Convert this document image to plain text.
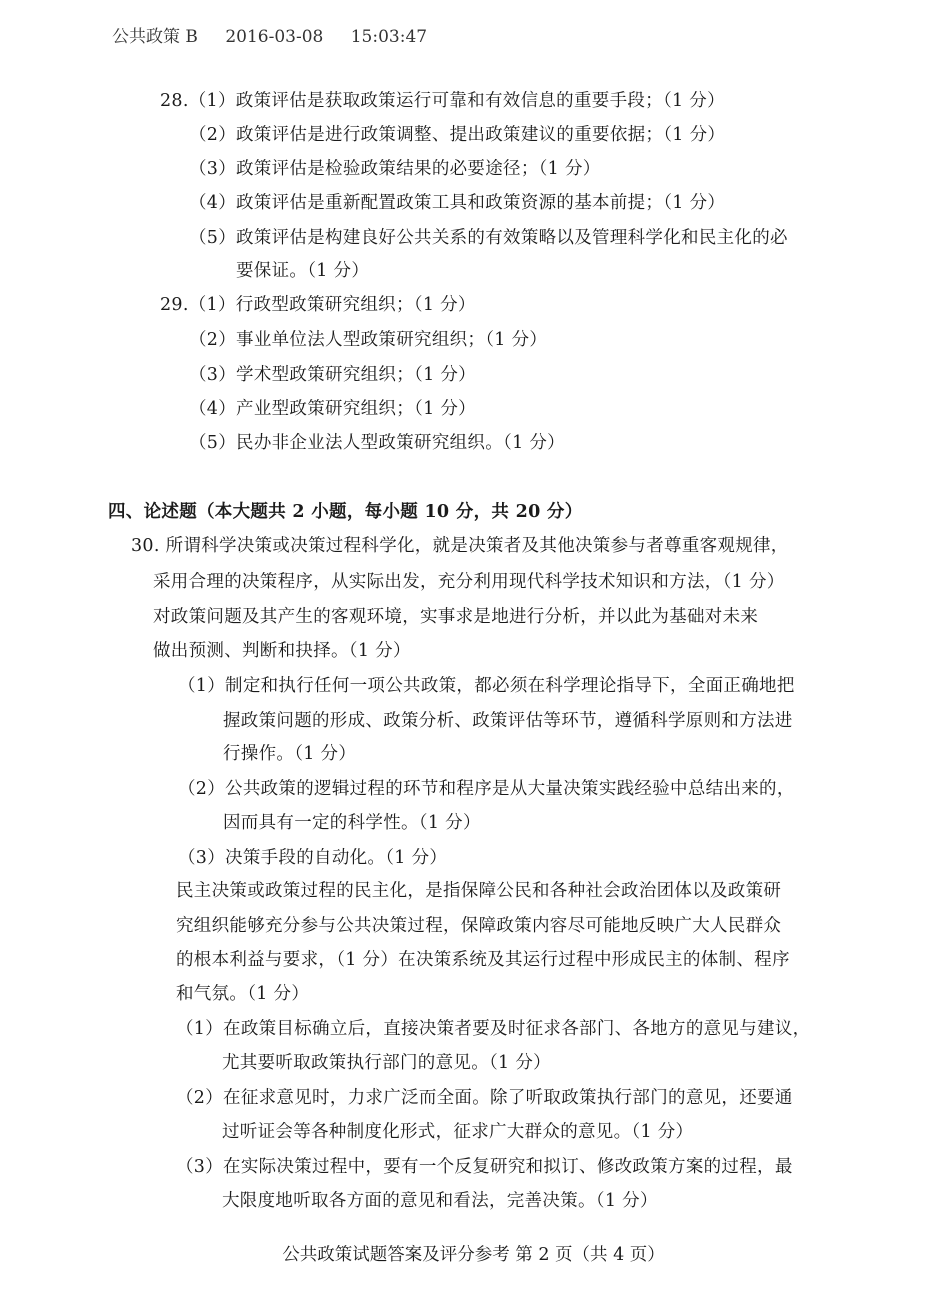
公共政策 B 2016-03-08 15:03:47
28.（1）政策评估是获取政策运行可靠和有效信息的重要手段；（1 分）
（2）政策评估是进行政策调整、提出政策建议的重要依据；（1 分）
（3）政策评估是检验政策结果的必要途径；（1 分）
（4）政策评估是重新配置政策工具和政策资源的基本前提；（1 分）
（5）政策评估是构建良好公共关系的有效策略以及管理科学化和民主化的必
要保证。（1 分）
29.（1）行政型政策研究组织；（1 分）
（2）事业单位法人型政策研究组织；（1 分）
（3）学术型政策研究组织；（1 分）
（4）产业型政策研究组织；（1 分）
（5）民办非企业法人型政策研究组织。（1 分）
四、论述题（本大题共 2 小题，每小题 10 分，共 20 分）
30. 所谓科学决策或决策过程科学化，就是决策者及其他决策参与者尊重客观规律，
采用合理的决策程序，从实际出发，充分利用现代科学技术知识和方法，（1 分）
对政策问题及其产生的客观环境，实事求是地进行分析，并以此为基础对未来
做出预测、判断和抉择。（1 分）
（1）制定和执行任何一项公共政策，都必须在科学理论指导下，全面正确地把
握政策问题的形成、政策分析、政策评估等环节，遵循科学原则和方法进
行操作。（1 分）
（2）公共政策的逻辑过程的环节和程序是从大量决策实践经验中总结出来的，
因而具有一定的科学性。（1 分）
（3）决策手段的自动化。（1 分）
民主决策或政策过程的民主化，是指保障公民和各种社会政治团体以及政策研
究组织能够充分参与公共决策过程，保障政策内容尽可能地反映广大人民群众
的根本利益与要求，（1 分）在决策系统及其运行过程中形成民主的体制、程序
和气氛。（1 分）
（1）在政策目标确立后，直接决策者要及时征求各部门、各地方的意见与建议，
尤其要听取政策执行部门的意见。（1 分）
（2）在征求意见时，力求广泛而全面。除了听取政策执行部门的意见，还要通
过听证会等各种制度化形式，征求广大群众的意见。（1 分）
（3）在实际决策过程中，要有一个反复研究和拟订、修改政策方案的过程，最
大限度地听取各方面的意见和看法，完善决策。（1 分）
公共政策试题答案及评分参考 第 2 页（共 4 页）
